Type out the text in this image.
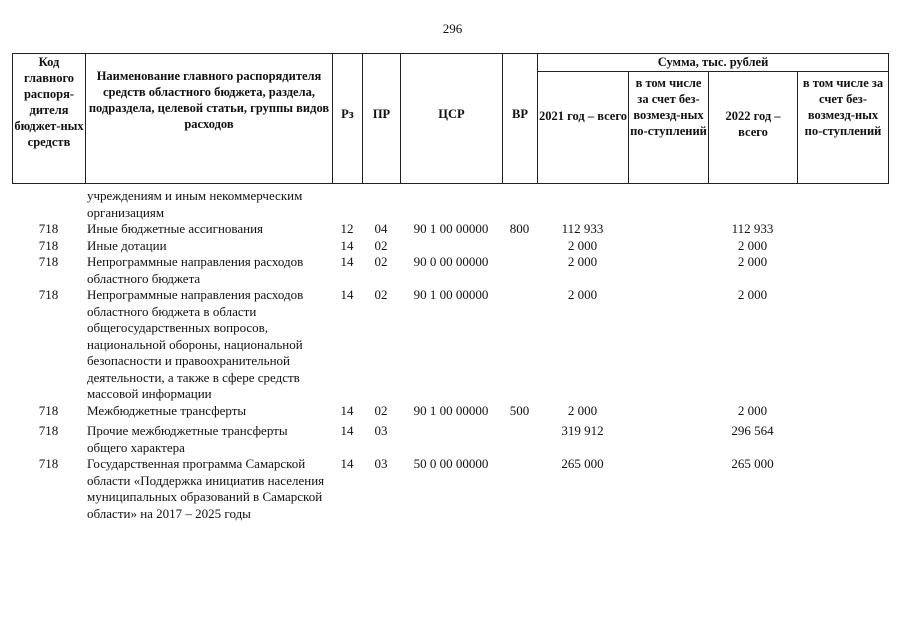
296
Код главного распоря-дителя бюджет-ных средств	Наименование главного распорядителя средств областного бюджета, раздела, подраздела, целевой статьи, группы видов расходов	Рз	ПР	ЦСР	ВР	Сумма, тыс. рублей			
						2021 год – всего	в том числе за счет без-возмезд-ных по-ступлений	2022 год – всего	в том числе за счет без-возмезд-ных по-ступлений
	учреждениям и иным некоммерческим организациям								
718	Иные бюджетные ассигнования	12	04	90 1 00 00000	800	112 933		112 933	
718	Иные дотации	14	02			2 000		2 000	
718	Непрограммные направления расходов областного бюджета	14	02	90 0 00 00000		2 000		2 000	
718	Непрограммные направления расходов областного бюджета в области общегосударственных вопросов, национальной обороны, национальной безопасности и правоохранительной деятельности, а также в сфере средств массовой информации	14	02	90 1 00 00000		2 000		2 000	
718	Межбюджетные трансферты	14	02	90 1 00 00000	500	2 000		2 000	
718	Прочие межбюджетные трансферты общего характера	14	03			319 912		296 564	
718	Государственная программа Самарской области «Поддержка инициатив населения муниципальных образований в Самарской области» на 2017 – 2025 годы	14	03	50 0 00 00000		265 000		265 000	
